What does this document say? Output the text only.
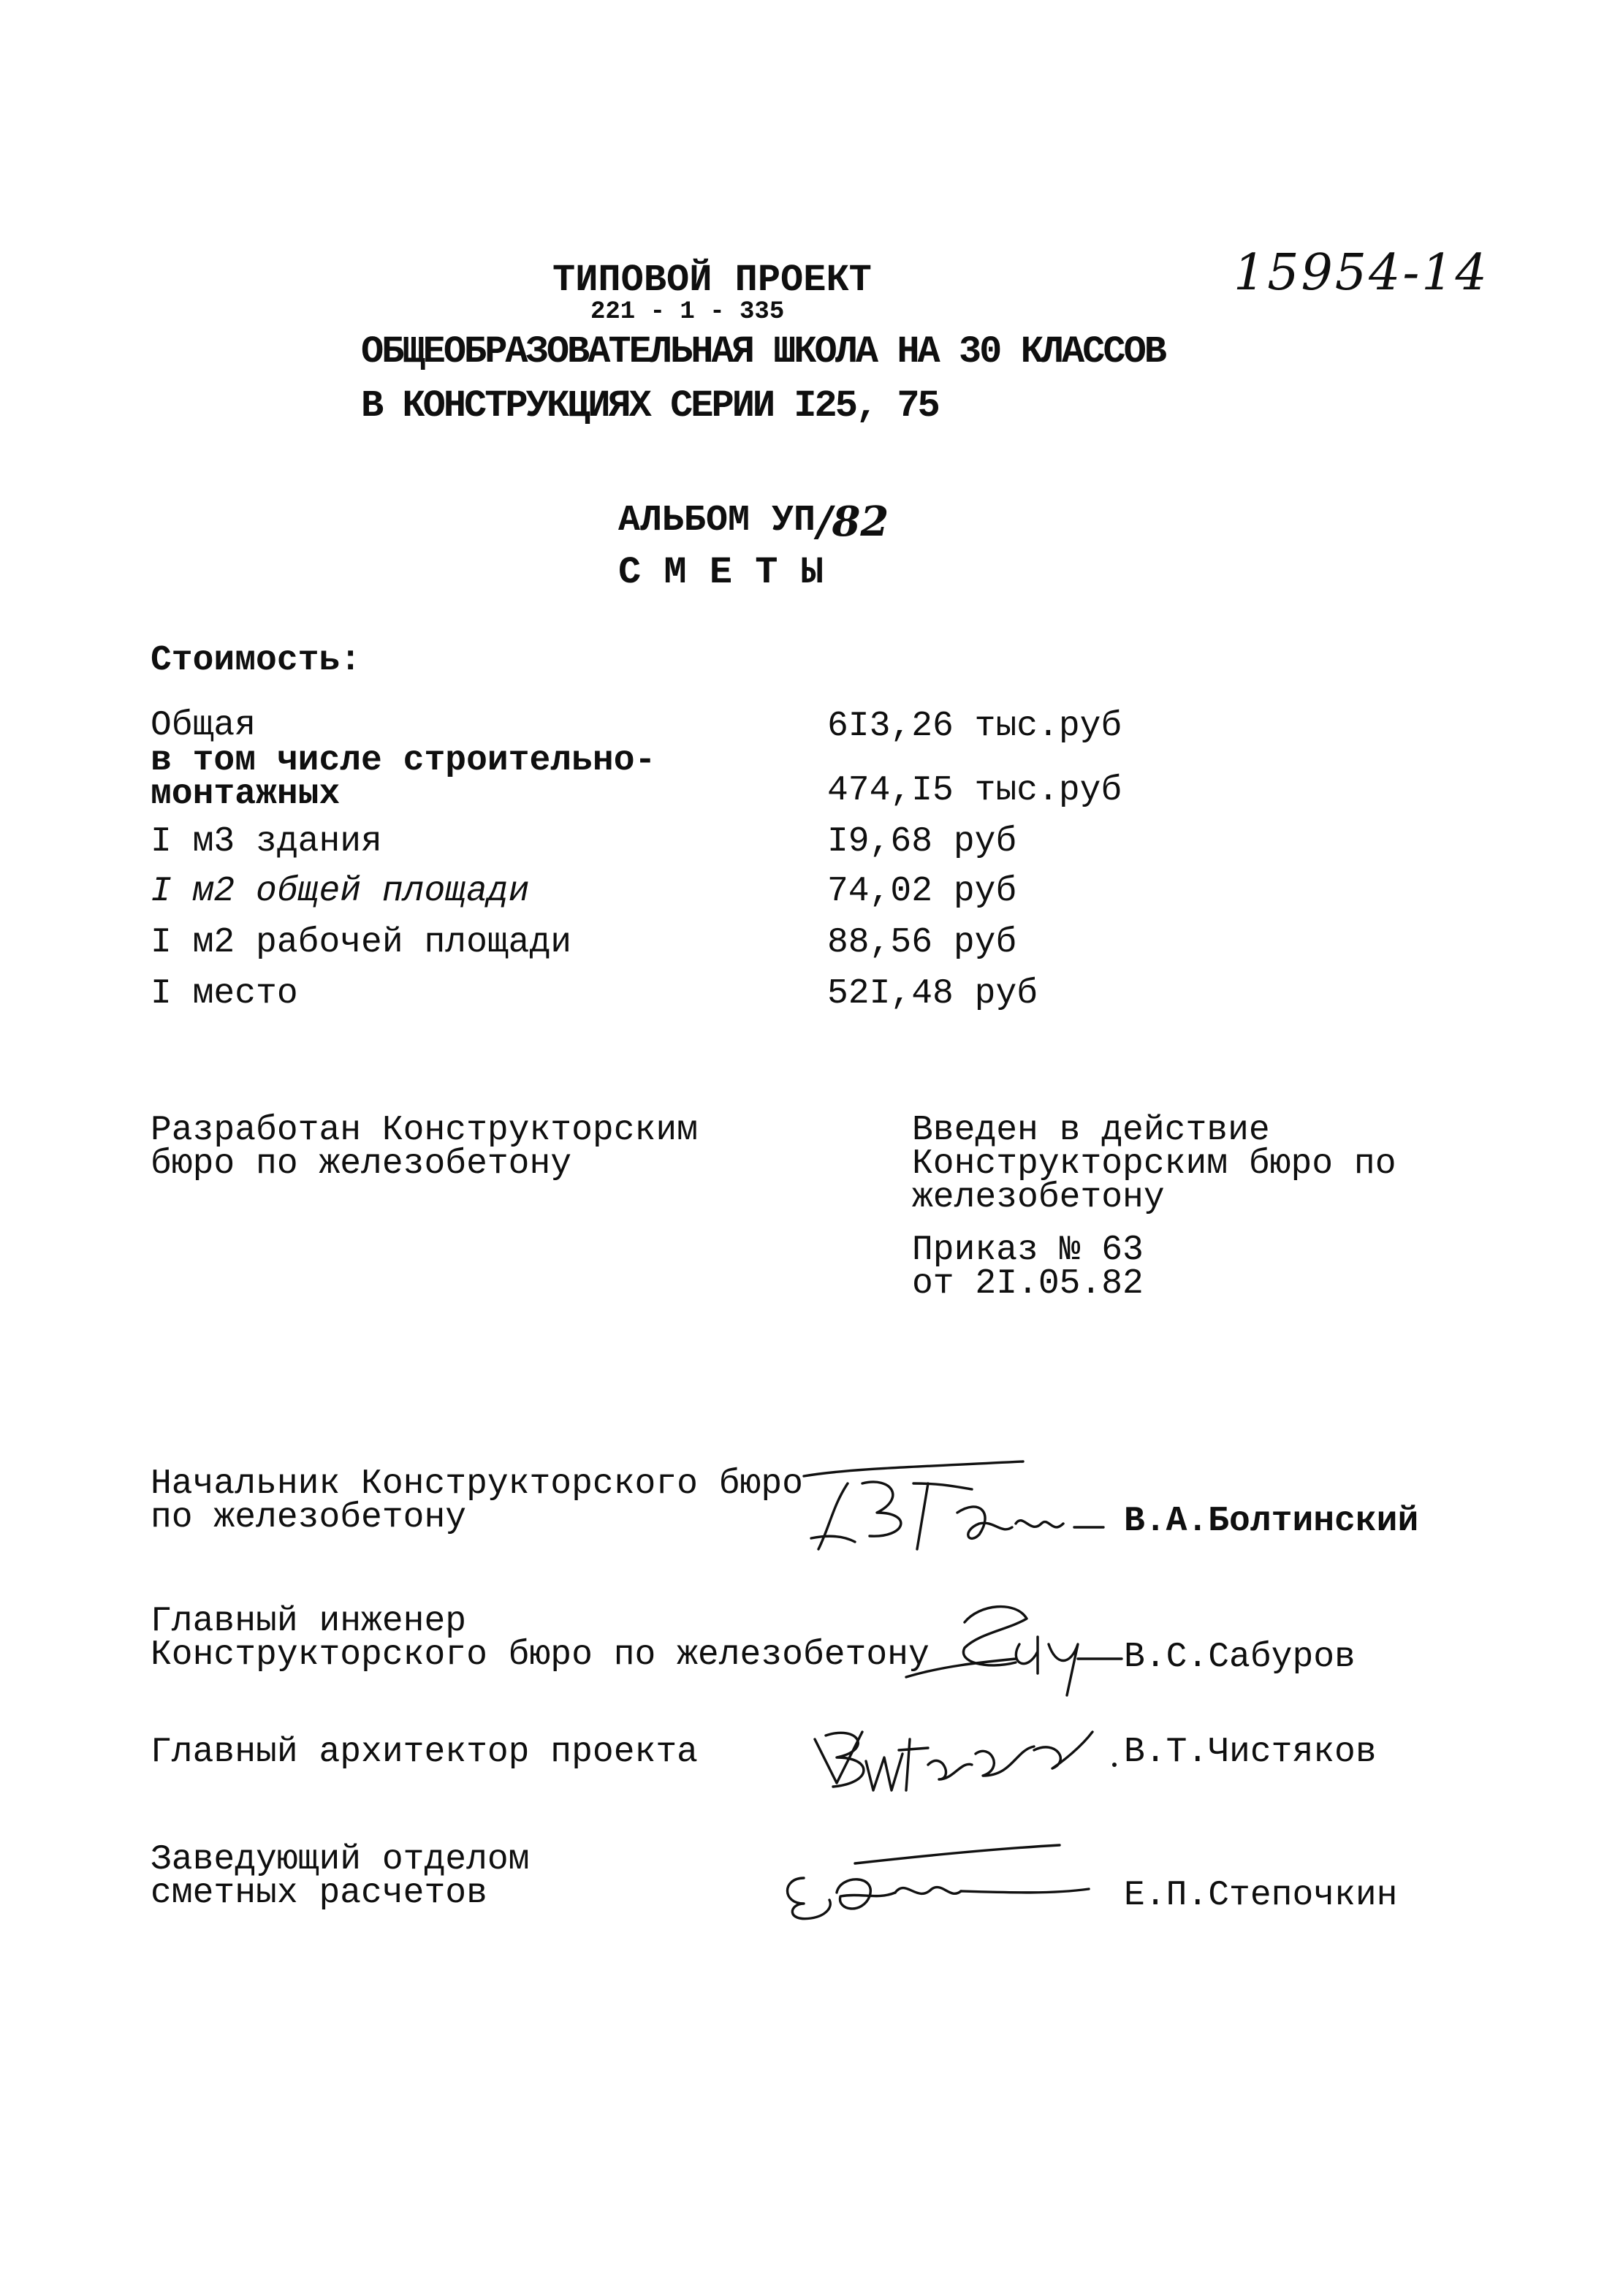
15954-14
ТИПОВОЙ ПРОЕКТ
221 - 1 - 335
ОБЩЕОБРАЗОВАТЕЛЬНАЯ ШКОЛА НА 30 КЛАССОВ
В КОНСТРУКЦИЯХ СЕРИИ I25, 75
АЛЬБОМ УП /82
С М Е Т Ы
Стоимость:
Общая	6I3,26 тыс.руб
в том числе строительно-
монтажных	474,I5 тыс.руб
I м3 здания	I9,68 руб
I м2 общей площади	74,02 руб
I м2 рабочей площади	88,56 руб
I место	52I,48 руб
Разработан Конструкторским
бюро по железобетону
Введен в действие
Конструкторским бюро по
железобетону
Приказ № 63
от 2I.05.82
Начальник Конструкторского бюро
по железобетону	В.А.Болтинский
Главный инженер
Конструкторского бюро по железобетону	В.С.Сабуров
Главный архитектор проекта	В.Т.Чистяков
Заведующий отделом
сметных расчетов	Е.П.Степочкин
